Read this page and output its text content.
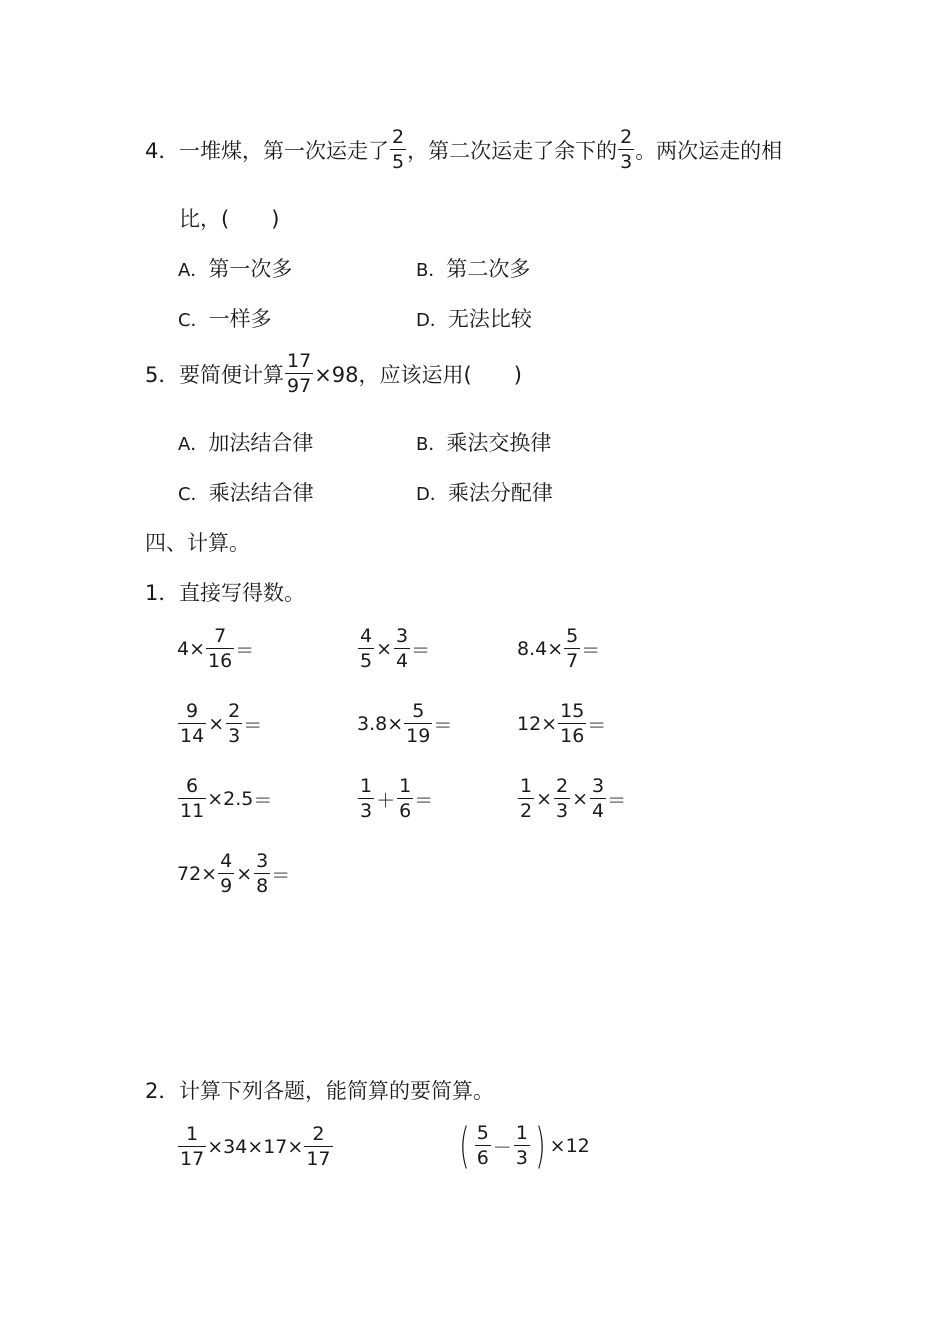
4． 一堆煤，第一次运走了 $\frac{2}{5}$ ，第二次运走了余下的 $\frac{2}{3}$ 。两次运走的相
比，(　　)
A．第一次多	B．第二次多
C．一样多	D．无法比较
5． 要简便计算 $\frac{17}{97} \times 98$，应该运用(　　)
A．加法结合律	B．乘法交换律
C．乘法结合律	D．乘法分配律
四、计算。
1．直接写得数。
$4\times \frac{7}{16}$ ＝	$\frac{4}{5} \times \frac{3}{4}$ ＝	$8.4\times \frac{5}{7}$ ＝
$\frac{9}{14} \times \frac{2}{3}$ ＝	$3.8\times \frac{5}{19}$ ＝	$12\times \frac{15}{16}$ ＝
$\frac{6}{11} \times 2.5$ ＝	$\frac{1}{3} + \frac{1}{6}$ ＝	$\frac{1}{2} \times \frac{2}{3} \times \frac{3}{4}$ ＝
$72\times \frac{4}{9} \times \frac{3}{8}$ ＝
2．计算下列各题，能简算的要简算。
$\frac{1}{17} \times 34\times 17\times \frac{2}{17}$	( $\frac{5}{6} - \frac{1}{3}$ ) ×12
